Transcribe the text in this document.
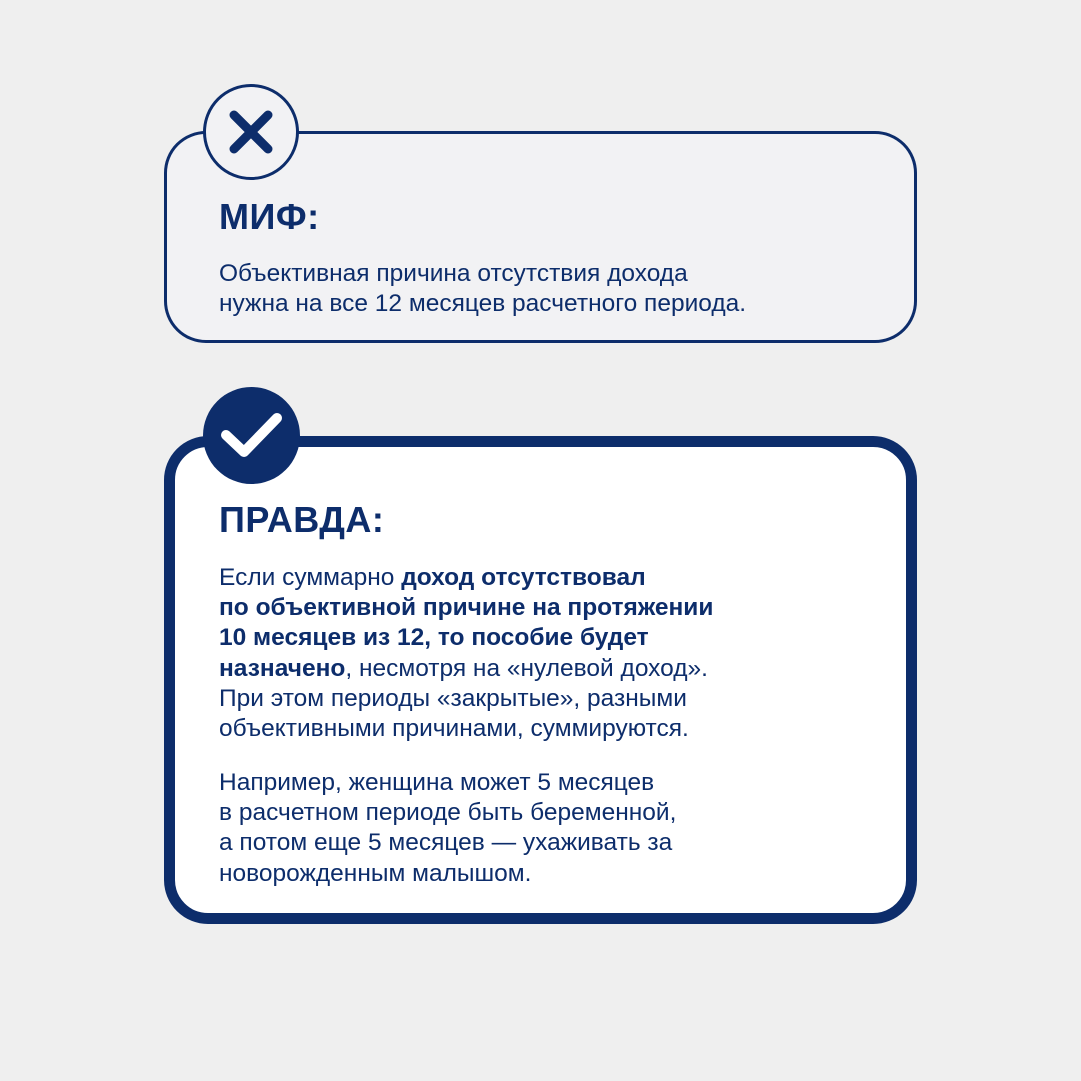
МИФ:

Объективная причина отсутствия дохода
нужна на все 12 месяцев расчетного периода.

ПРАВДА:

Если суммарно доход отсутствовал
по объективной причине на протяжении
10 месяцев из 12, то пособие будет
назначено, несмотря на «нулевой доход».
При этом периоды «закрытые», разными
объективными причинами, суммируются.

Например, женщина может 5 месяцев
в расчетном периоде быть беременной,
а потом еще 5 месяцев — ухаживать за
новорожденным малышом.
